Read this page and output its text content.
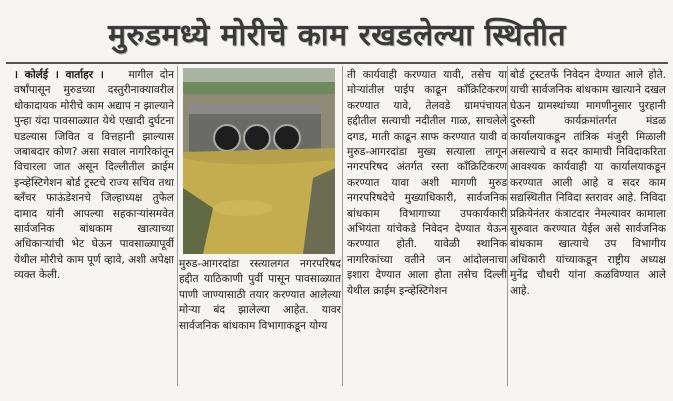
मुरुडमध्ये मोरीचे काम रखडलेल्या स्थितीत

। कोर्लई । वार्ताहर । मागील दोन वर्षांपासून मुरुडच्या दस्तुरीनाक्यावरील धोकादायक मोरीचे काम अद्याप न झाल्याने पुन्हा यंदा पावसाळ्यात येथे एखादी दुर्घटना घडल्यास जिवित व वित्तहानी झाल्यास जबाबदार कोण? असा सवाल नागरिकांतून विचारला जात असून दिल्लीतील क्राईम इन्व्हेस्टिगेशन बोर्ड ट्रस्टचे राज्य सचिव तथा ब्लॅंचर फाऊंडेशनचे जिल्हाध्यक्ष तुफेल दामाद यांनी आपल्या सहकाऱ्यांसमवेत सार्वजनिक बांधकाम खात्याच्या अधिकाऱ्यांची भेट घेऊन पावसाळ्यापूर्वी येथील मोरीचे काम पूर्ण व्हावे, अशी अपेक्षा व्यक्त केली.

मुरुड-आगरदांडा रस्त्यालगत नगरपरिषद हद्दीत याठिकाणी पुर्वी पासून पावसाळ्यात पाणी जाण्यासाठी तयार करण्यात आलेल्या मोऱ्या बंद झालेल्या आहेत. यावर सार्वजनिक बांधकाम विभागाकडून योग्य

ती कार्यवाही करण्यात यावी, तसेच या मोऱ्यांतील पाईप काढून काँक्रिटिकरण करण्यात यावे, तेलवडे ग्रामपंचायत हद्दीतील सत्याची नदीतील गाळ, साचलेले दगड, माती काढून साफ करण्यात यावी व मुरुड-आगरदांडा मुख्य सत्याला लागून नगरपरिषद अंतर्गत रस्ता काँक्रिटिकरण करण्यात यावा अशी मागणी मुरुड नगरपरिषदेचे मुख्याधिकारी, सार्वजनिक बांधकाम विभागाच्या उपकार्यकारी अभियंता यांचेकडे निवेदन देण्यात येऊन करण्यात होती. यावेळी स्थानिक नागरिकांच्या वतीने जन आंदोलनाचा इशारा देण्यात आला होता तसेच दिल्ली येथील क्राईम इन्व्हेस्टिगेशन

बोर्ड ट्रस्टतर्फे निवेदन देण्यात आले होते. याची सार्वजनिक बांधकाम खात्याने दखल घेऊन ग्रामस्थांच्या मागणीनुसार पुरहानी दुरुस्ती कार्यक्रमांतर्गत मंडळ कार्यालयाकडून तांत्रिक मंजुरी मिळाली असल्याचे व सदर कामाची निविदाकरिता आवश्यक कार्यवाही या कार्यालयाकडून करण्यात आली आहे व सदर काम सद्यस्थितीत निविदा स्तरावर आहे. निविदा प्रक्रियेनंतर कंत्राटदार नेमल्यावर कामाला सुरुवात करण्यात येईल असे सार्वजनिक बांधकाम खात्याचे उप विभागीय अधिकारी यांच्याकडून राष्ट्रीय अध्यक्ष मुनेंद्र चौधरी यांना कळविण्यात आले आहे.
